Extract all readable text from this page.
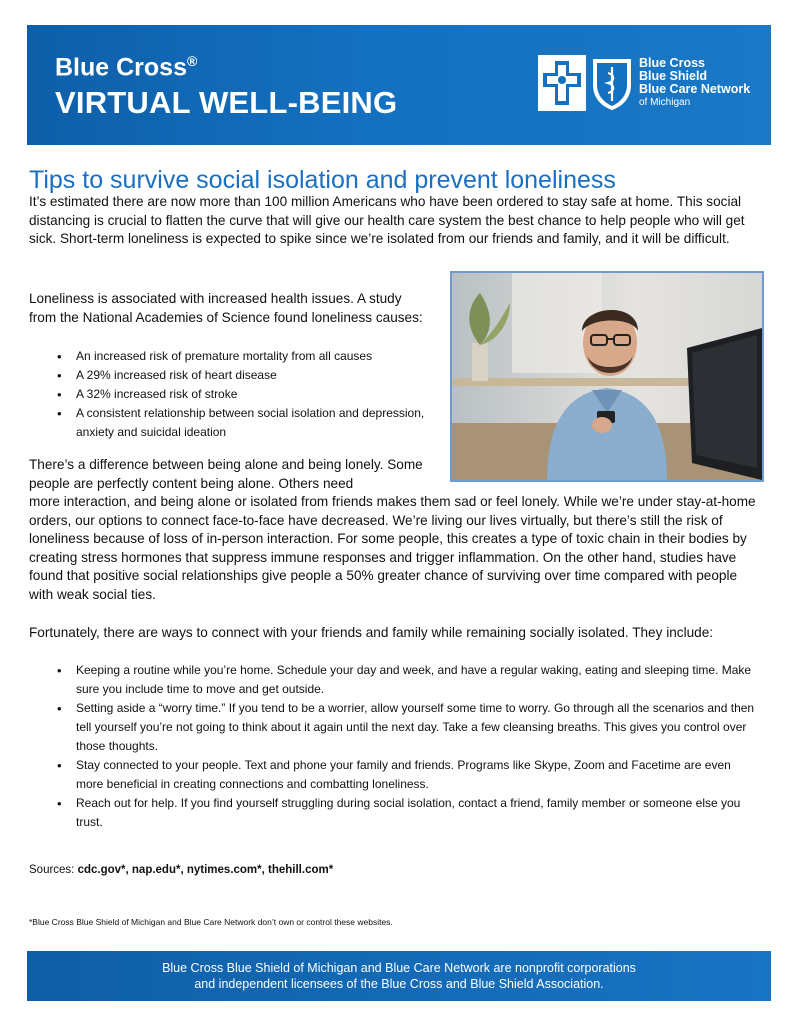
Blue Cross®
VIRTUAL WELL-BEING
Blue Cross
Blue Shield
Blue Care Network
of Michigan
Tips to survive social isolation and prevent loneliness
It’s estimated there are now more than 100 million Americans who have been ordered to stay safe at home. This social distancing is crucial to flatten the curve that will give our health care system the best chance to help people who will get sick. Short-term loneliness is expected to spike since we’re isolated from our friends and family, and it will be difficult.
Loneliness is associated with increased health issues. A study from the National Academies of Science found loneliness causes:
• An increased risk of premature mortality from all causes
• A 29% increased risk of heart disease
• A 32% increased risk of stroke
• A consistent relationship between social isolation and depression, anxiety and suicidal ideation
There’s a difference between being alone and being lonely. Some people are perfectly content being alone. Others need
more interaction, and being alone or isolated from friends makes them sad or feel lonely. While we’re under stay-at-home orders, our options to connect face-to-face have decreased. We’re living our lives virtually, but there’s still the risk of loneliness because of loss of in-person interaction. For some people, this creates a type of toxic chain in their bodies by creating stress hormones that suppress immune responses and trigger inflammation. On the other hand, studies have found that positive social relationships give people a 50% greater chance of surviving over time compared with people with weak social ties.
Fortunately, there are ways to connect with your friends and family while remaining socially isolated. They include:
• Keeping a routine while you’re home. Schedule your day and week, and have a regular waking, eating and sleeping time. Make sure you include time to move and get outside.
• Setting aside a “worry time.” If you tend to be a worrier, allow yourself some time to worry. Go through all the scenarios and then tell yourself you’re not going to think about it again until the next day. Take a few cleansing breaths. This gives you control over those thoughts.
• Stay connected to your people. Text and phone your family and friends. Programs like Skype, Zoom and Facetime are even more beneficial in creating connections and combatting loneliness.
• Reach out for help. If you find yourself struggling during social isolation, contact a friend, family member or someone else you trust.
Sources: cdc.gov*, nap.edu*, nytimes.com*, thehill.com*
*Blue Cross Blue Shield of Michigan and Blue Care Network don’t own or control these websites.
Blue Cross Blue Shield of Michigan and Blue Care Network are nonprofit corporations
and independent licensees of the Blue Cross and Blue Shield Association.
